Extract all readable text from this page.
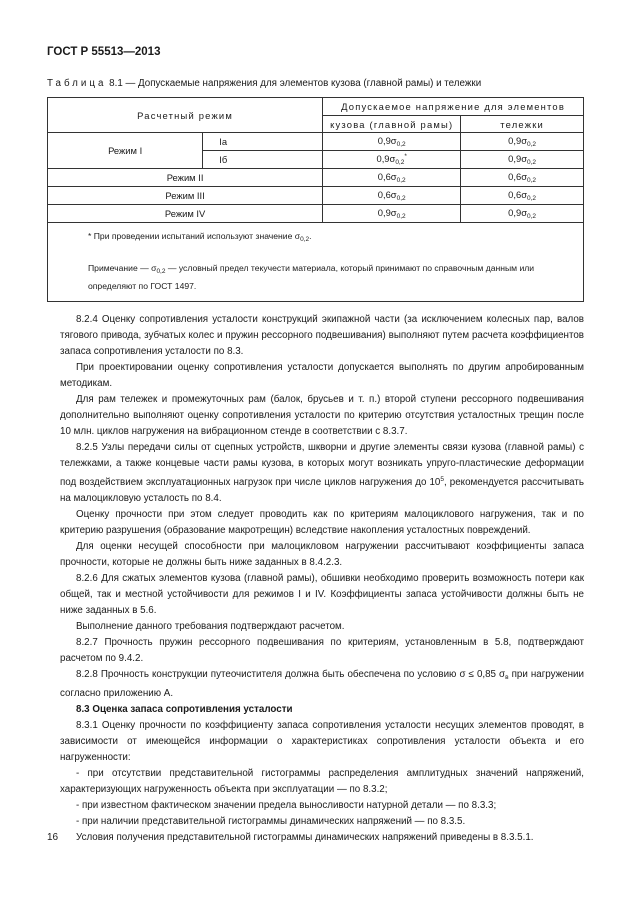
ГОСТ Р 55513—2013
Таблица 8.1 — Допускаемые напряжения для элементов кузова (главной рамы) и тележки
Расчетный режим		Допускаемое напряжение для элементов	
		кузова (главной рамы)	тележки
Режим I	Ia	$0,9\sigma_{0,2}$	$0,9\sigma_{0,2}$
	Iб	$0,9\sigma_{0,2}^*$	$0,9\sigma_{0,2}$
Режим II		$0,6\sigma_{0,2}$	$0,6\sigma_{0,2}$
Режим III		$0,6\sigma_{0,2}$	$0,6\sigma_{0,2}$
Режим IV		$0,9\sigma_{0,2}$	$0,9\sigma_{0,2}$

* При проведении испытаний используют значение $\sigma_{0,2}$.

Примечание — $\sigma_{0,2}$ — условный предел текучести материала, который принимают по справочным данным или определяют по ГОСТ 1497.			

8.2.4 Оценку сопротивления усталости конструкций экипажной части (за исключением колесных пар, валов тягового привода, зубчатых колес и пружин рессорного подвешивания) выполняют путем расчета коэффициентов запаса сопротивления усталости по 8.3.

При проектировании оценку сопротивления усталости допускается выполнять по другим апробированным методикам.

Для рам тележек и промежуточных рам (балок, брусьев и т. п.) второй ступени рессорного подвешивания дополнительно выполняют оценку сопротивления усталости по критерию отсутствия усталостных трещин после 10 млн. циклов нагружения на вибрационном стенде в соответствии с 8.3.7.

8.2.5 Узлы передачи силы от сцепных устройств, шкворни и другие элементы связи кузова (главной рамы) с тележками, а также концевые части рамы кузова, в которых могут возникать упруго-пластические деформации под воздействием эксплуатационных нагрузок при числе циклов нагружения до $10^5$, рекомендуется рассчитывать на малоцикловую усталость по 8.4.

Оценку прочности при этом следует проводить как по критериям малоциклового нагружения, так и по критерию разрушения (образование макротрещин) вследствие накопления усталостных повреждений.

Для оценки несущей способности при малоцикловом нагружении рассчитывают коэффициенты запаса прочности, которые не должны быть ниже заданных в 8.4.2.3.

8.2.6 Для сжатых элементов кузова (главной рамы), обшивки необходимо проверить возможность потери как общей, так и местной устойчивости для режимов I и IV. Коэффициенты запаса устойчивости должны быть не ниже заданных в 5.6.

Выполнение данного требования подтверждают расчетом.

8.2.7 Прочность пружин рессорного подвешивания по критериям, установленным в 5.8, подтверждают расчетом по 9.4.2.

8.2.8 Прочность конструкции путеочистителя должна быть обеспечена по условию σ ≤ 0,85 $\sigma_в$ при нагружении согласно приложению А.

8.3 Оценка запаса сопротивления усталости

8.3.1 Оценку прочности по коэффициенту запаса сопротивления усталости несущих элементов проводят, в зависимости от имеющейся информации о характеристиках сопротивления усталости объекта и его нагруженности:

- при отсутствии представительной гистограммы распределения амплитудных значений напряжений, характеризующих нагруженность объекта при эксплуатации — по 8.3.2;

- при известном фактическом значении предела выносливости натурной детали — по 8.3.3;

- при наличии представительной гистограммы динамических напряжений — по 8.3.5.

Условия получения представительной гистограммы динамических напряжений приведены в 8.3.5.1.

16
